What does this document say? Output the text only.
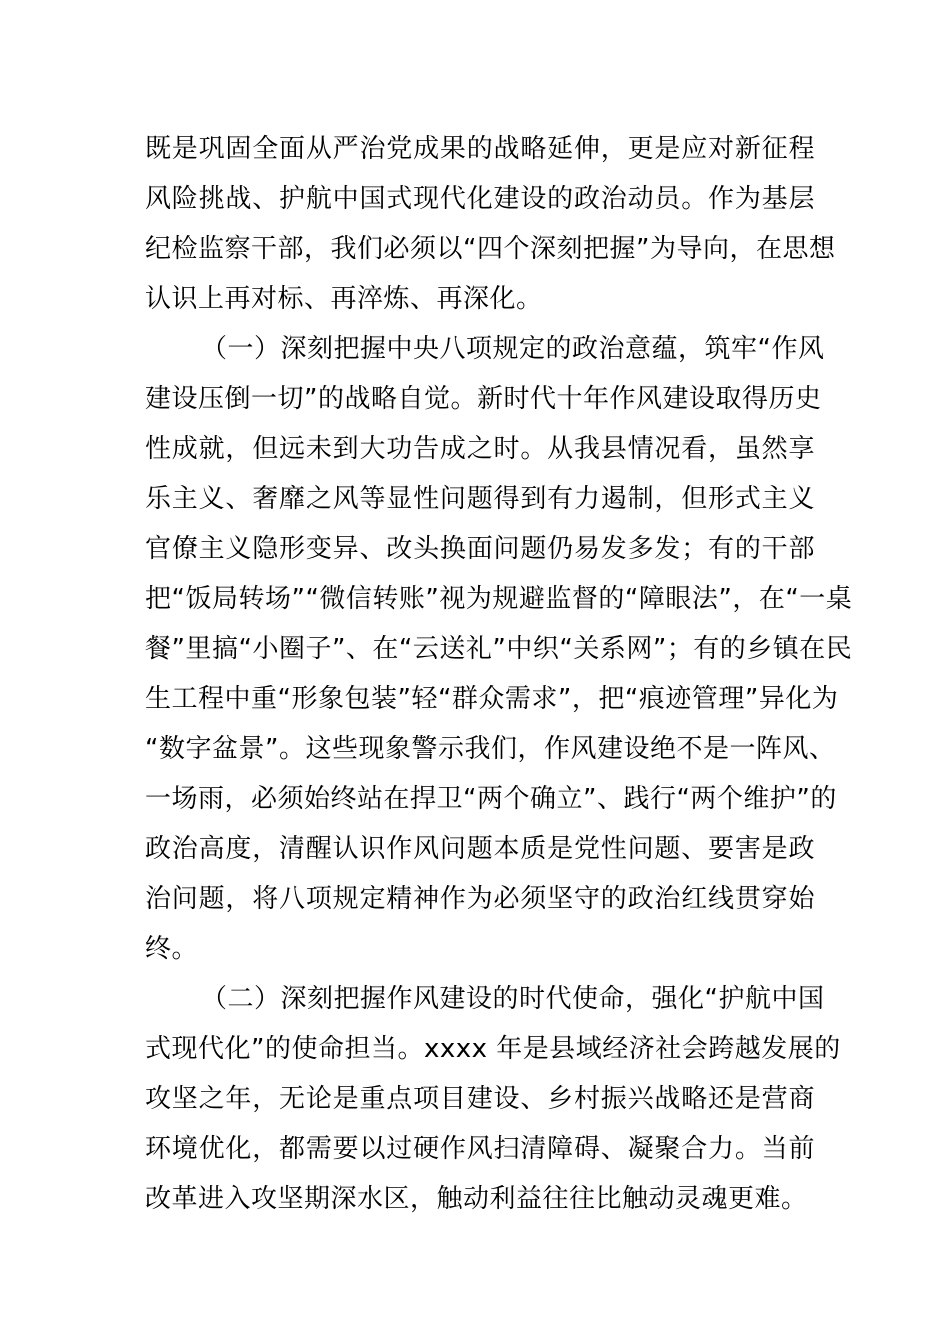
既是巩固全面从严治党成果的战略延伸，更是应对新征程
风险挑战、护航中国式现代化建设的政治动员。作为基层
纪检监察干部，我们必须以“四个深刻把握”为导向，在思想
认识上再对标、再淬炼、再深化。
（一）深刻把握中央八项规定的政治意蕴，筑牢“作风
建设压倒一切”的战略自觉。新时代十年作风建设取得历史
性成就，但远未到大功告成之时。从我县情况看，虽然享
乐主义、奢靡之风等显性问题得到有力遏制，但形式主义
官僚主义隐形变异、改头换面问题仍易发多发；有的干部
把“饭局转场”“微信转账”视为规避监督的“障眼法”，在“一桌
餐”里搞“小圈子”、在“云送礼”中织“关系网”；有的乡镇在民
生工程中重“形象包装”轻“群众需求”，把“痕迹管理”异化为
“数字盆景”。这些现象警示我们，作风建设绝不是一阵风、
一场雨，必须始终站在捍卫“两个确立”、践行“两个维护”的
政治高度，清醒认识作风问题本质是党性问题、要害是政
治问题，将八项规定精神作为必须坚守的政治红线贯穿始
终。
（二）深刻把握作风建设的时代使命，强化“护航中国
式现代化”的使命担当。xxxx 年是县域经济社会跨越发展的
攻坚之年，无论是重点项目建设、乡村振兴战略还是营商
环境优化，都需要以过硬作风扫清障碍、凝聚合力。当前
改革进入攻坚期深水区，触动利益往往比触动灵魂更难。
